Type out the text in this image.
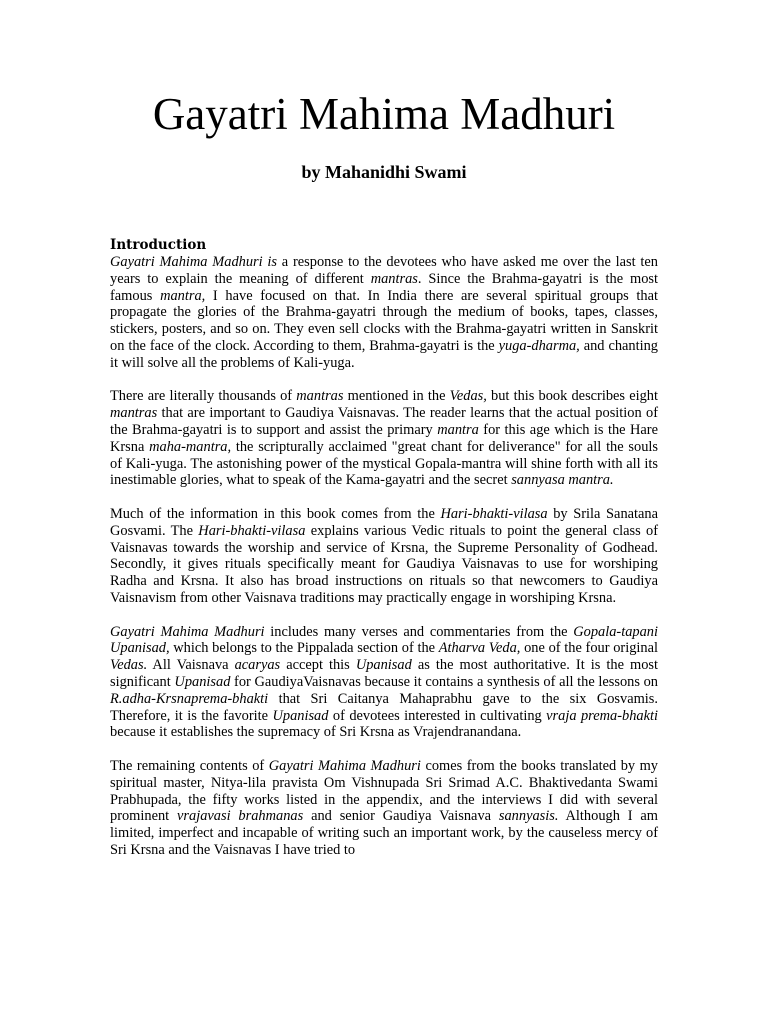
Gayatri Mahima Madhuri

by Mahanidhi Swami

Introduction

Gayatri Mahima Madhuri is a response to the devotees who have asked me over the last ten years to explain the meaning of different mantras. Since the Brahma-gayatri is the most famous mantra, I have focused on that. In India there are several spiritual groups that propagate the glories of the Brahma-gayatri through the medium of books, tapes, classes, stickers, posters, and so on. They even sell clocks with the Brahma-gayatri written in Sanskrit on the face of the clock. According to them, Brahma-gayatri is the yuga-dharma, and chanting it will solve all the problems of Kali-yuga.

There are literally thousands of mantras mentioned in the Vedas, but this book describes eight mantras that are important to Gaudiya Vaisnavas. The reader learns that the actual position of the Brahma-gayatri is to support and assist the primary mantra for this age which is the Hare Krsna maha-mantra, the scripturally acclaimed "great chant for deliverance" for all the souls of Kali-yuga. The astonishing power of the mystical Gopala-mantra will shine forth with all its inestimable glories, what to speak of the Kama-gayatri and the secret sannyasa mantra.

Much of the information in this book comes from the Hari-bhakti-vilasa by Srila Sanatana Gosvami. The Hari-bhakti-vilasa explains various Vedic rituals to point the general class of Vaisnavas towards the worship and service of Krsna, the Supreme Personality of Godhead. Secondly, it gives rituals specifically meant for Gaudiya Vaisnavas to use for worshiping Radha and Krsna. It also has broad instructions on rituals so that newcomers to Gaudiya Vaisnavism from other Vaisnava traditions may practically engage in worshiping Krsna.

Gayatri Mahima Madhuri includes many verses and commentaries from the Gopala-tapani Upanisad, which belongs to the Pippalada section of the Atharva Veda, one of the four original Vedas. All Vaisnava acaryas accept this Upanisad as the most authoritative. It is the most significant Upanisad for GaudiyaVaisnavas because it contains a synthesis of all the lessons on R.adha-Krsnaprema-bhakti that Sri Caitanya Mahaprabhu gave to the six Gosvamis. Therefore, it is the favorite Upanisad of devotees interested in cultivating vraja prema-bhakti because it establishes the supremacy of Sri Krsna as Vrajendranandana.

The remaining contents of Gayatri Mahima Madhuri comes from the books translated by my spiritual master, Nitya-lila pravista Om Vishnupada Sri Srimad A.C. Bhaktivedanta Swami Prabhupada, the fifty works listed in the appendix, and the interviews I did with several prominent vrajavasi brahmanas and senior Gaudiya Vaisnava sannyasis. Although I am limited, imperfect and incapable of writing such an important work, by the causeless mercy of Sri Krsna and the Vaisnavas I have tried to
